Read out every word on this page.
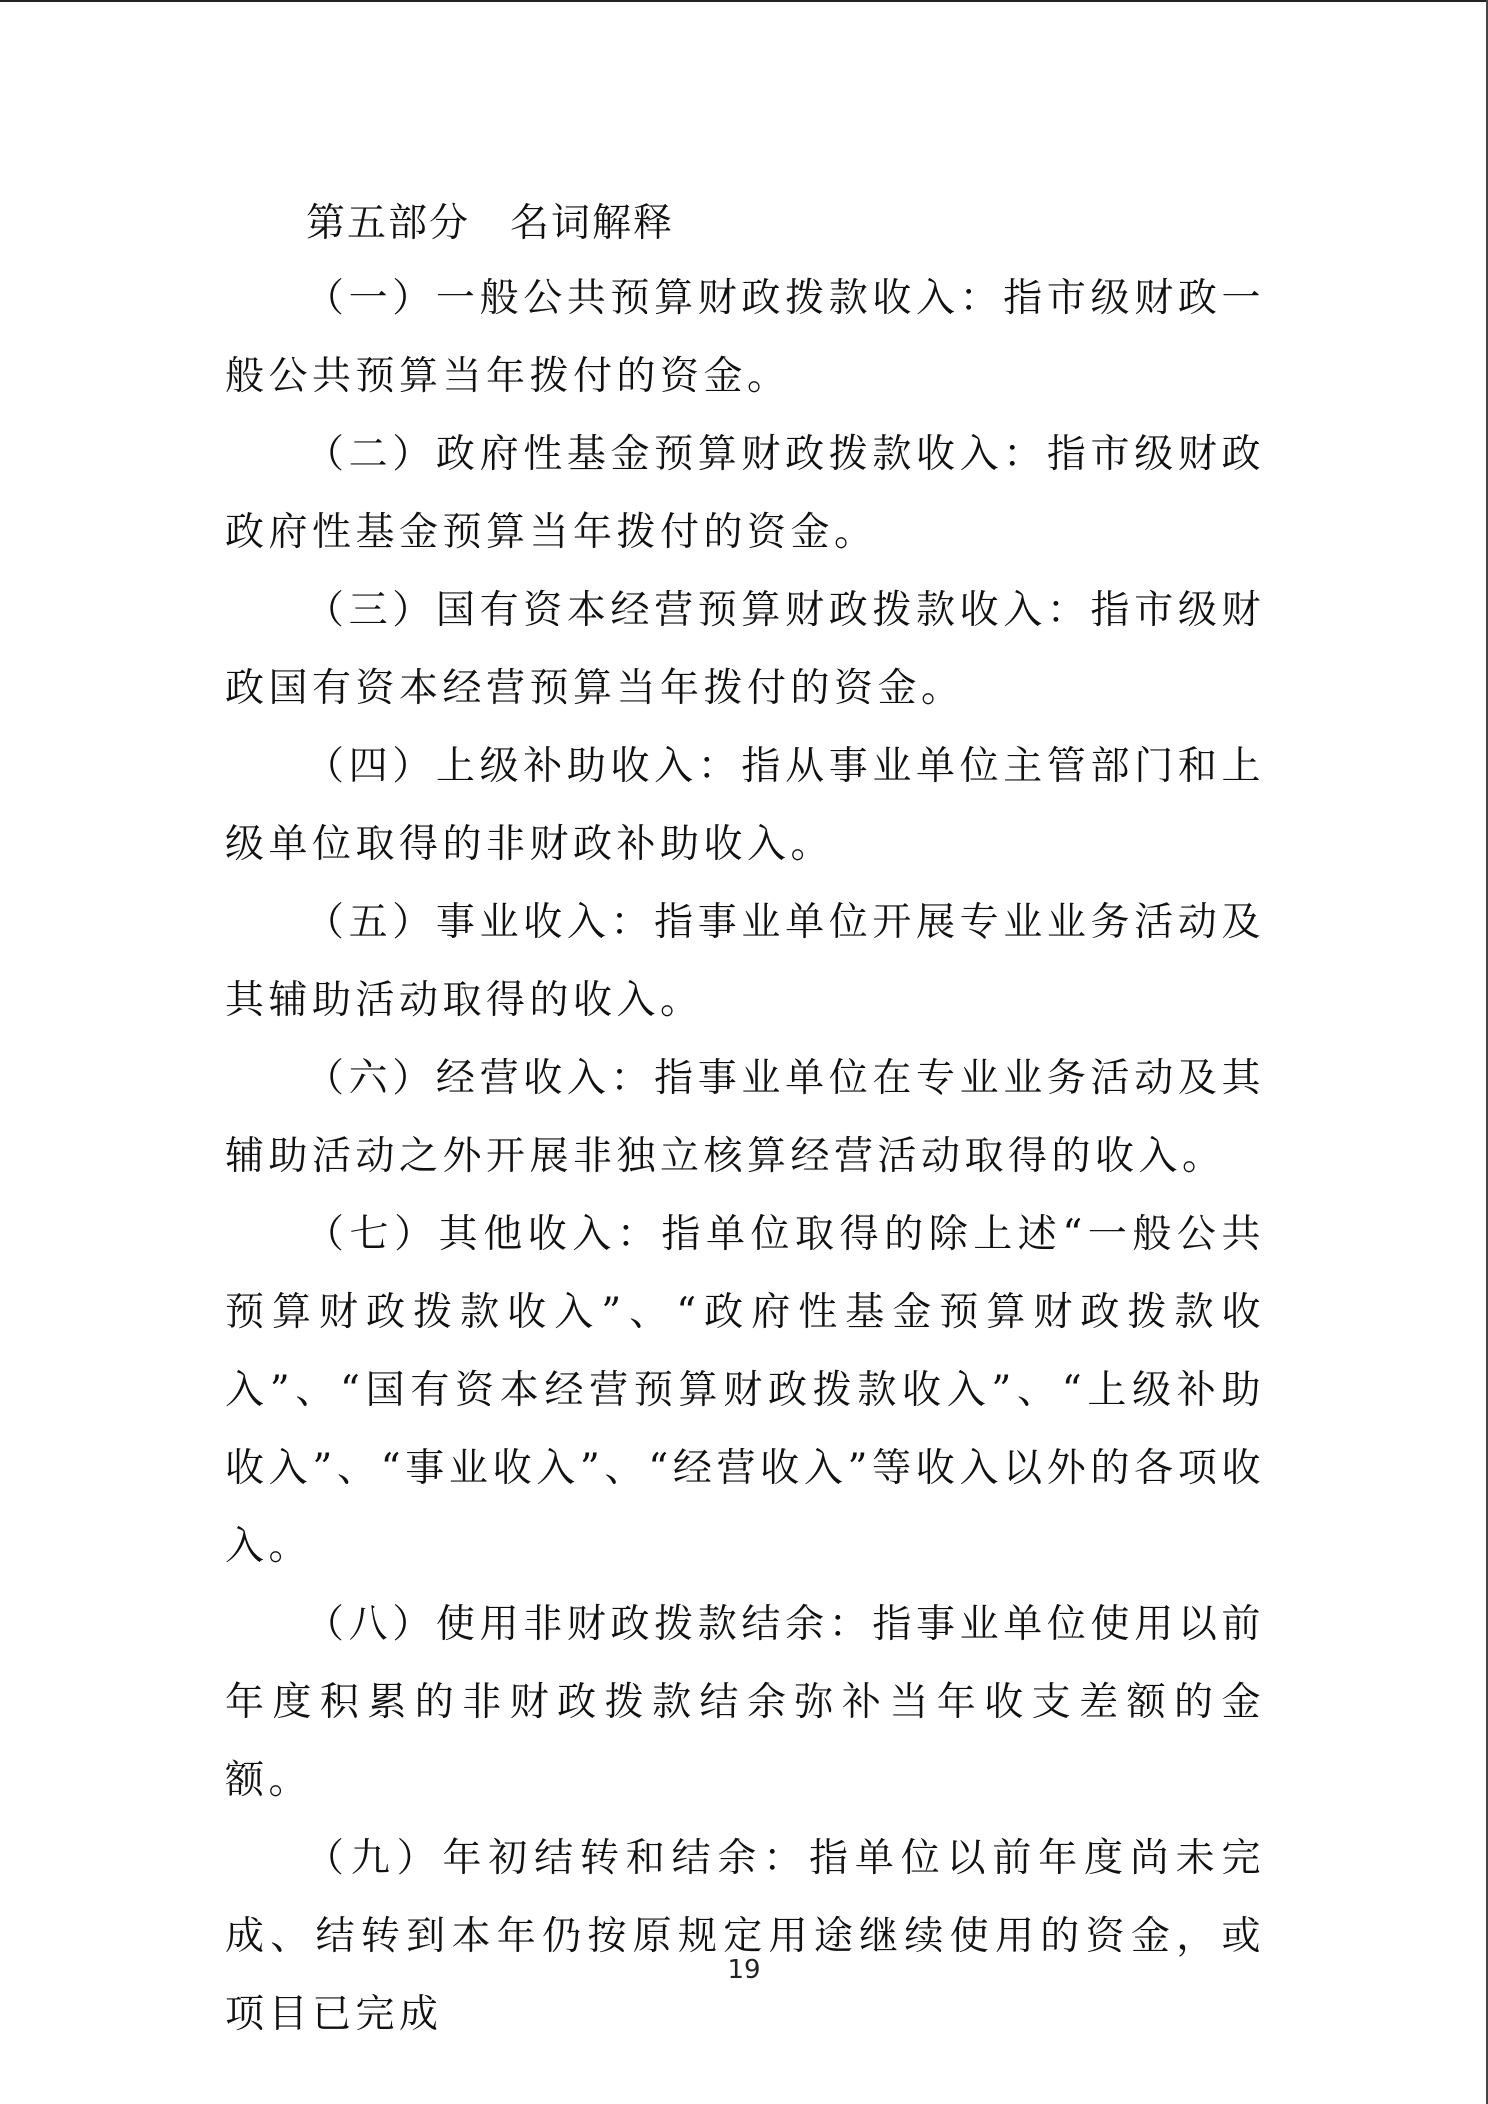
第五部分 名词解释

（一）一般公共预算财政拨款收入：指市级财政一般公共预算当年拨付的资金。

（二）政府性基金预算财政拨款收入：指市级财政政府性基金预算当年拨付的资金。

（三）国有资本经营预算财政拨款收入：指市级财政国有资本经营预算当年拨付的资金。

（四）上级补助收入：指从事业单位主管部门和上级单位取得的非财政补助收入。

（五）事业收入：指事业单位开展专业业务活动及其辅助活动取得的收入。

（六）经营收入：指事业单位在专业业务活动及其辅助活动之外开展非独立核算经营活动取得的收入。

（七）其他收入：指单位取得的除上述“一般公共预算财政拨款收入”、“政府性基金预算财政拨款收入”、“国有资本经营预算财政拨款收入”、“上级补助收入”、“事业收入”、“经营收入”等收入以外的各项收入。

（八）使用非财政拨款结余：指事业单位使用以前年度积累的非财政拨款结余弥补当年收支差额的金额。

（九）年初结转和结余：指单位以前年度尚未完成、结转到本年仍按原规定用途继续使用的资金，或项目已完成

19
